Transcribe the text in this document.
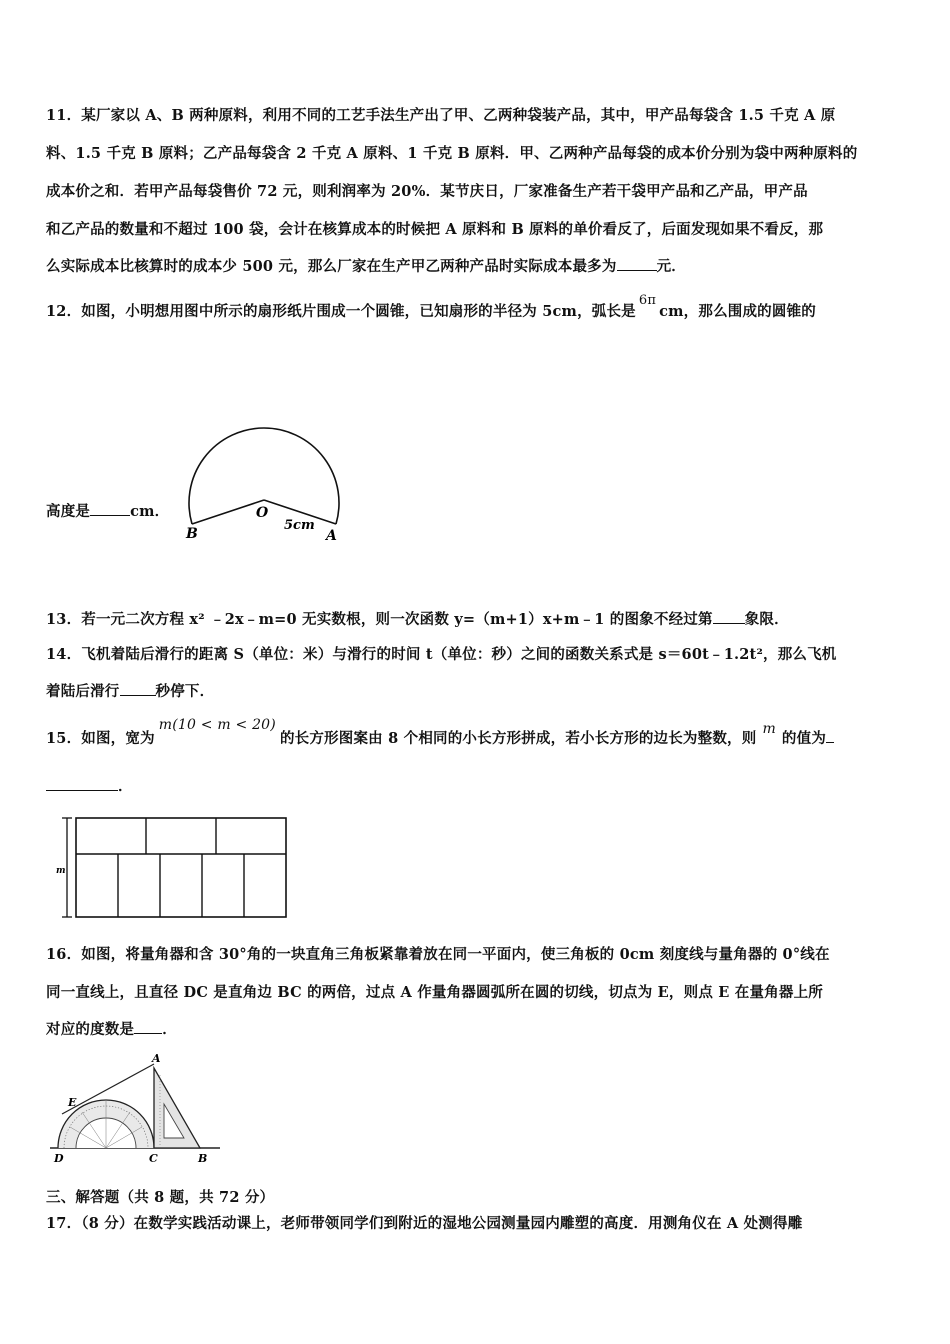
11．某厂家以 A、B 两种原料，利用不同的工艺手法生产出了甲、乙两种袋装产品，其中，甲产品每袋含 1.5 千克 A 原
料、1.5 千克 B 原料；乙产品每袋含 2 千克 A 原料、1 千克 B 原料．甲、乙两种产品每袋的成本价分别为袋中两种原料的
成本价之和．若甲产品每袋售价 72 元，则利润率为 20%．某节庆日，厂家准备生产若干袋甲产品和乙产品，甲产品
和乙产品的数量和不超过 100 袋，会计在核算成本的时候把 A 原料和 B 原料的单价看反了，后面发现如果不看反，那
么实际成本比核算时的成本少 500 元，那么厂家在生产甲乙两种产品时实际成本最多为	元．
12．如图，小明想用图中所示的扇形纸片围成一个圆锥，已知扇形的半径为 5cm，弧长是6πcm，那么围成的圆锥的
O
5cm
B	A
高度是	cm．
13．若一元二次方程 x² ﹣2x﹣m=0 无实数根，则一次函数 y=（m+1）x+m﹣1 的图象不经过第 象限．
14．飞机着陆后滑行的距离 S（单位：米）与滑行的时间 t（单位：秒）之间的函数关系式是 s＝60t﹣1.2t²，那么飞机
着陆后滑行 秒停下．
15．如图，宽为m(10 < m < 20)的长方形图案由 8 个相同的小长方形拼成，若小长方形的边长为整数，则m的值为
．
m
16．如图，将量角器和含 30°角的一块直角三角板紧靠着放在同一平面内，使三角板的 0cm 刻度线与量角器的 0°线在
同一直线上，且直径 DC 是直角边 BC 的两倍，过点 A 作量角器圆弧所在圆的切线，切点为 E，则点 E 在量角器上所
对应的度数是 ．
A
E
D	C	B
三、解答题（共 8 题，共 72 分）
17．（8 分）在数学实践活动课上，老师带领同学们到附近的湿地公园测量园内雕塑的高度．用测角仪在 A 处测得雕
